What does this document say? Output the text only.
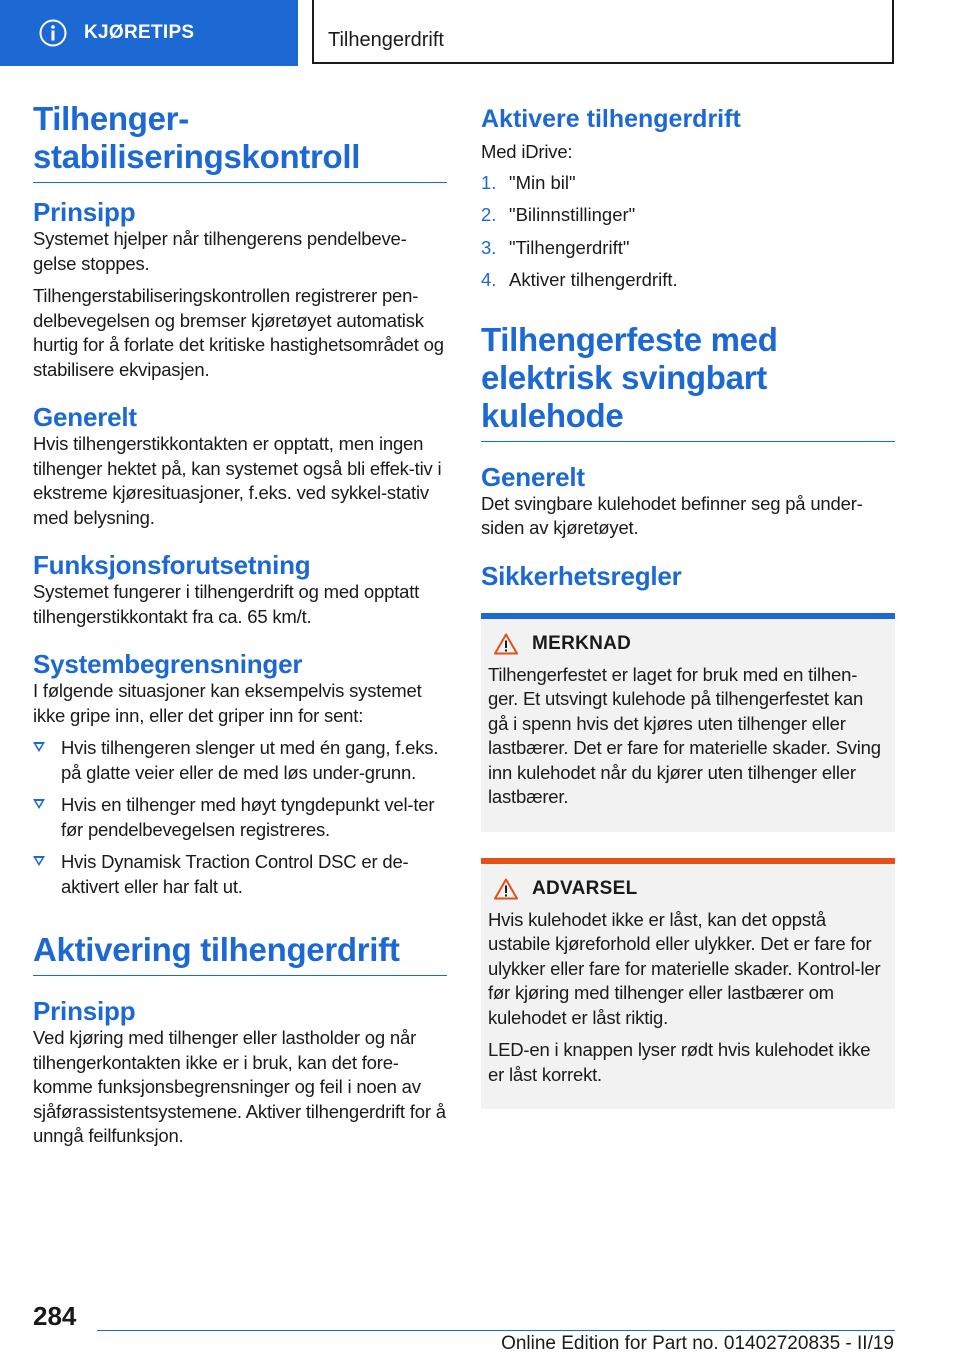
KJØRETIPS	Tilhengerdrift
Tilhenger-
stabiliseringskontroll
Prinsipp

Systemet hjelper når tilhengerens pendelbeve-gelse stoppes.

Tilhengerstabiliseringskontrollen registrerer pen-delbevegelsen og bremser kjøretøyet automatisk hurtig for å forlate det kritiske hastighetsområdet og stabilisere ekvipasjen.

Generelt

Hvis tilhengerstikkontakten er opptatt, men ingen tilhenger hektet på, kan systemet også bli effek-tiv i ekstreme kjøresituasjoner, f.eks. ved sykkel-stativ med belysning.

Funksjonsforutsetning

Systemet fungerer i tilhengerdrift og med opptatt tilhengerstikkontakt fra ca. 65 km/t.

Systembegrensninger

I følgende situasjoner kan eksempelvis systemet ikke gripe inn, eller det griper inn for sent:

Hvis tilhengeren slenger ut med én gang, f.eks. på glatte veier eller de med løs under-grunn.
Hvis en tilhenger med høyt tyngdepunkt vel-ter før pendelbevegelsen registreres.
Hvis Dynamisk Traction Control DSC er de-aktivert eller har falt ut.
Aktivering tilhengerdrift
Prinsipp

Ved kjøring med tilhenger eller lastholder og når tilhengerkontakten ikke er i bruk, kan det fore-komme funksjonsbegrensninger og feil i noen av sjåførassistentsystemene. Aktiver tilhengerdrift for å unngå feilfunksjon.

Aktivere tilhengerdrift

Med iDrive:

1. "Min bil"
2. "Bilinnstillinger"
3. "Tilhengerdrift"
4. Aktiver tilhengerdrift.
Tilhengerfeste med
elektrisk svingbart
kulehode
Generelt

Det svingbare kulehodet befinner seg på under-siden av kjøretøyet.

Sikkerhetsregler
MERKNAD

Tilhengerfestet er laget for bruk med en tilhen-ger. Et utsvingt kulehode på tilhengerfestet kan gå i spenn hvis det kjøres uten tilhenger eller lastbærer. Det er fare for materielle skader. Sving inn kulehodet når du kjører uten tilhenger eller lastbærer.

ADVARSEL

Hvis kulehodet ikke er låst, kan det oppstå ustabile kjøreforhold eller ulykker. Det er fare for ulykker eller fare for materielle skader. Kontrol-ler før kjøring med tilhenger eller lastbærer om kulehodet er låst riktig.

LED-en i knappen lyser rødt hvis kulehodet ikke er låst korrekt.

284
Online Edition for Part no. 01402720835 - II/19
